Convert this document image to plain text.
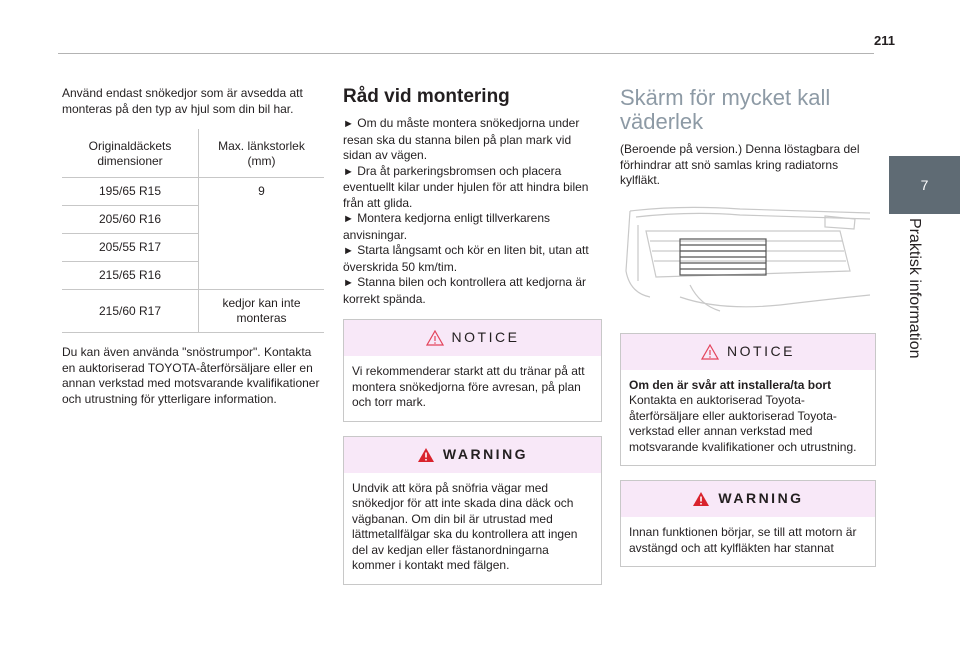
211
7
Praktisk information

Använd endast snökedjor som är avsedda att monteras på den typ av hjul som din bil har.

Originaldäckets dimensioner	Max. länkstorlek (mm)
195/65 R15	9
205/60 R16	
205/55 R17	
215/65 R16	
215/60 R17	kedjor kan inte monteras

Du kan även använda "snöstrumpor". Kontakta en auktoriserad TOYOTA-återförsäljare eller en annan verkstad med motsvarande kvalifikationer och utrustning för ytterligare information.

Råd vid montering

► Om du måste montera snökedjorna under resan ska du stanna bilen på plan mark vid sidan av vägen.

► Dra åt parkeringsbromsen och placera eventuellt kilar under hjulen för att hindra bilen från att glida.

► Montera kedjorna enligt tillverkarens anvisningar.

► Starta långsamt och kör en liten bit, utan att överskrida 50 km/tim.

► Stanna bilen och kontrollera att kedjorna är korrekt spända.

NOTICE

Vi rekommenderar starkt att du tränar på att montera snökedjorna före avresan, på plan och torr mark.

WARNING

Undvik att köra på snöfria vägar med snökedjor för att inte skada dina däck och vägbanan. Om din bil är utrustad med lättmetallfälgar ska du kontrollera att ingen del av kedjan eller fästanordningarna kommer i kontakt med fälgen.

Skärm för mycket kall väderlek

(Beroende på version.) Denna löstagbara del förhindrar att snö samlas kring radiatorns kylfläkt.

NOTICE

Om den är svår att installera/ta bort

Kontakta en auktoriserad Toyota-återförsäljare eller auktoriserad Toyota-verkstad eller annan verkstad med motsvarande kvalifikationer och utrustning.

WARNING

Innan funktionen börjar, se till att motorn är avstängd och att kylfläkten har stannat
